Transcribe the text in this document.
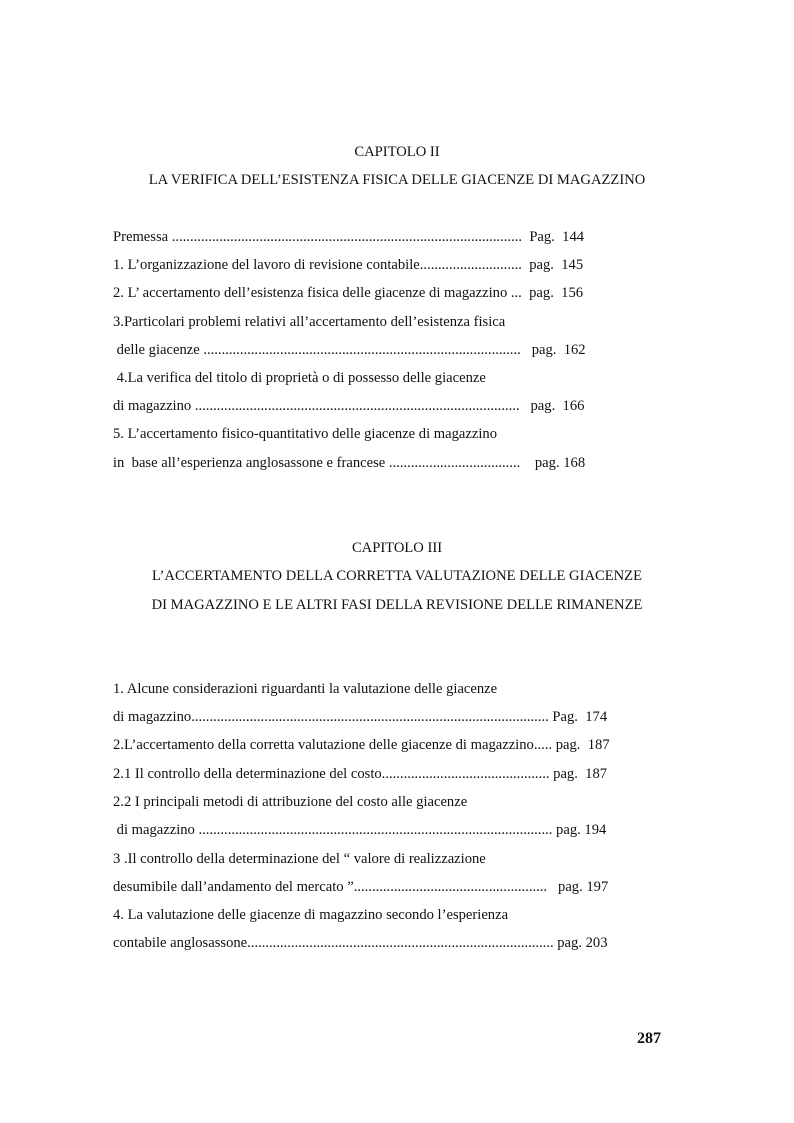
CAPITOLO II
LA VERIFICA DELL’ESISTENZA FISICA DELLE GIACENZE DI MAGAZZINO
Premessa ................................................................................................  Pag.  144
1. L’organizzazione del lavoro di revisione contabile............................  pag.  145
2. L’ accertamento dell’esistenza fisica delle giacenze di magazzino ...  pag.  156
3.Particolari problemi relativi all’accertamento dell’esistenza fisica
delle giacenze .......................................................................................   pag.  162
4.La verifica del titolo di proprietà o di possesso delle giacenze
di magazzino .........................................................................................   pag.  166
5. L’accertamento fisico-quantitativo delle giacenze di magazzino
in  base all’esperienza anglosassone e francese ....................................    pag. 168
CAPITOLO III
L’ACCERTAMENTO DELLA CORRETTA VALUTAZIONE DELLE GIACENZE
DI MAGAZZINO E LE ALTRI FASI DELLA REVISIONE DELLE RIMANENZE
1. Alcune considerazioni riguardanti la valutazione delle giacenze
di magazzino.................................................................................................. Pag.  174
2.L’accertamento della corretta valutazione delle giacenze di magazzino..... pag.  187
2.1 Il controllo della determinazione del costo.............................................. pag.  187
2.2 I principali metodi di attribuzione del costo alle giacenze
di magazzino ................................................................................................. pag. 194
3 .Il controllo della determinazione del “ valore di realizzazione
desumibile dall’andamento del mercato ”.....................................................   pag. 197
4. La valutazione delle giacenze di magazzino secondo l’esperienza
contabile anglosassone.................................................................................... pag. 203
287
